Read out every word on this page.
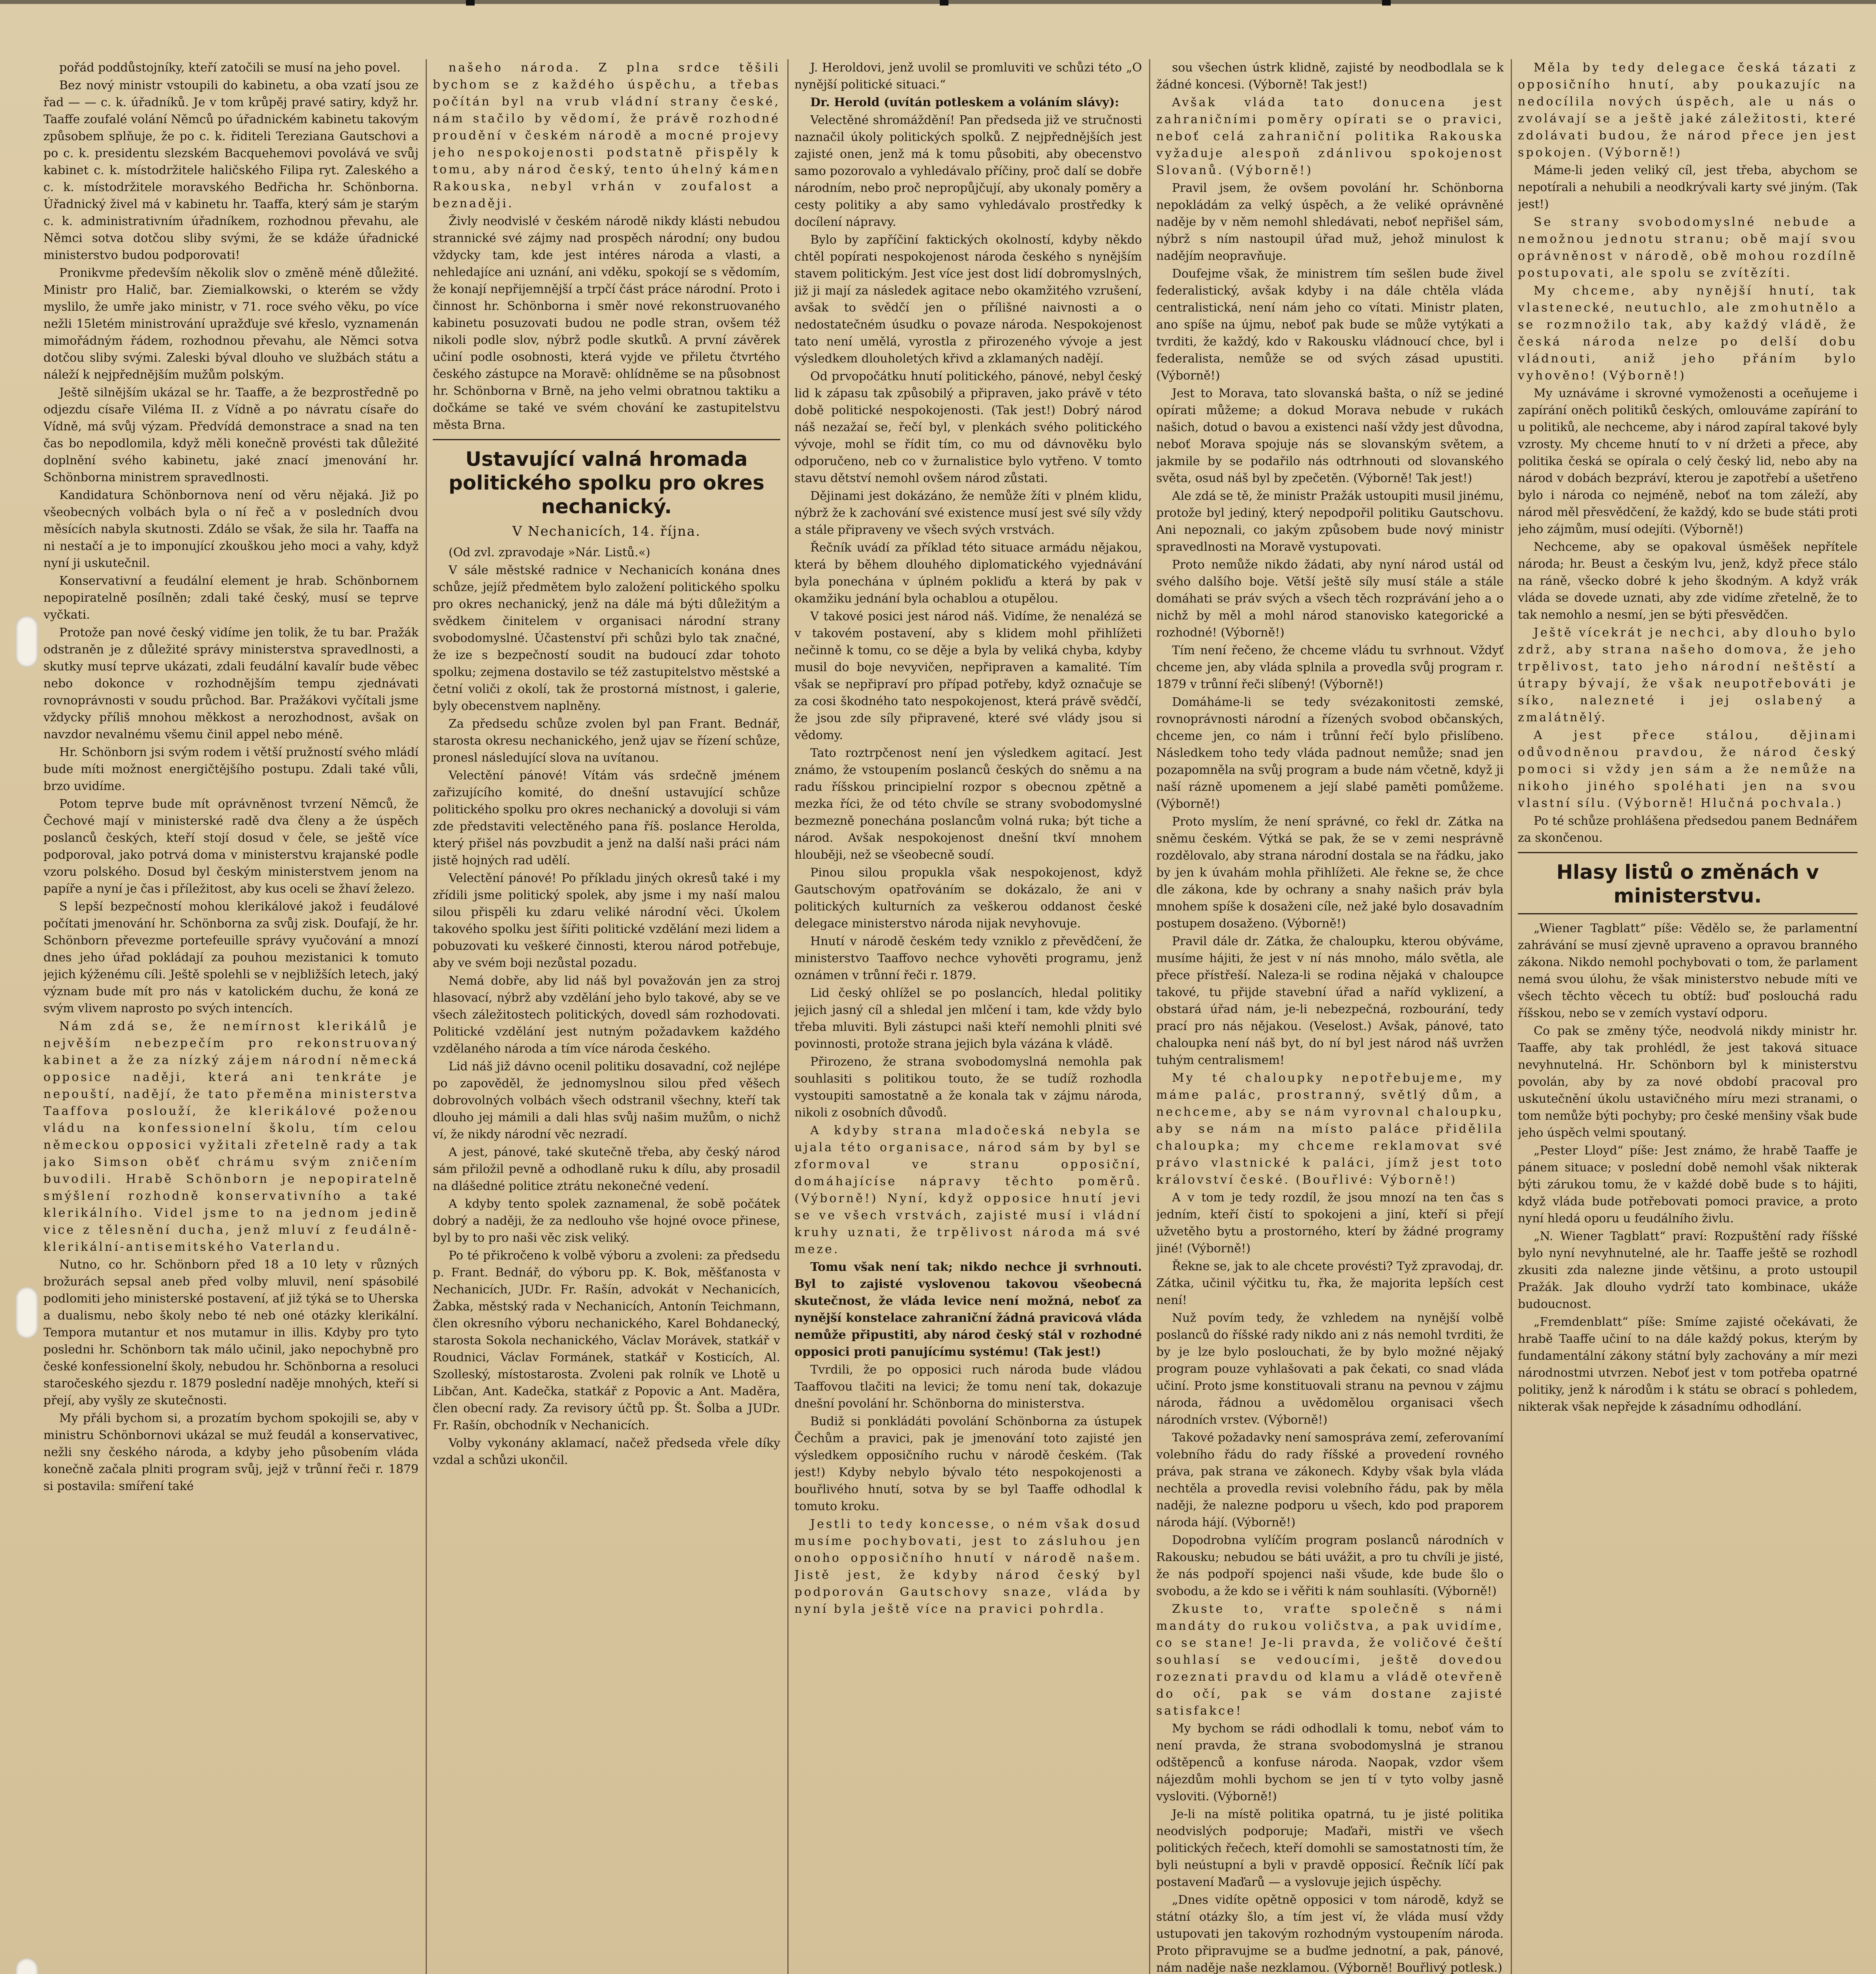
pořád poddůstojníky, kteří zatočili se musí na jeho povel.

Bez nový ministr vstoupili do kabinetu, a oba vzatí jsou ze řad — — c. k. úřadníků. Je v tom krůpěj pravé satiry, když hr. Taaffe zoufalé volání Němců po úřadnickém kabinetu takovým způsobem splňuje, že po c. k. řiditeli Tereziana Gautschovi a po c. k. presidentu slezském Bacquehemovi povolává ve svůj kabinet c. k. místodržitele haličského Filipa ryt. Zaleského a c. k. místodržitele moravského Bedřicha hr. Schönborna. Úřadnický živel má v kabinetu hr. Taaffa, který sám je starým c. k. administrativním úřadníkem, rozhodnou převahu, ale Němci sotva dotčou sliby svými, že se kdáže úřadnické ministerstvo budou podporovati!

Pronikvme především několik slov o změně méně důležité. Ministr pro Halič, bar. Ziemialkowski, o kterém se vždy myslilo, že umře jako ministr, v 71. roce svého věku, po více nežli 15letém ministrování upražďuje své křeslo, vyznamenán mimořádným řádem, rozhodnou převahu, ale Němci sotva dotčou sliby svými. Zaleski býval dlouho ve službách státu a náleží k nejpřednějším mužům polským.

Ještě silnějším ukázal se hr. Taaffe, a že bezprostředně po odjezdu císaře Viléma II. z Vídně a po návratu císaře do Vídně, má svůj výzam. Předvídá demonstrace a snad na ten čas bo nepodlomila, když měli konečně provésti tak důležité doplnění svého kabinetu, jaké znací jmenování hr. Schönborna ministrem spravedlnosti.

Kandidatura Schönbornova není od věru nějaká. Již po všeobecných volbách byla o ní řeč a v posledních dvou měsících nabyla skutnosti. Zdálo se však, že sila hr. Taaffa na ni nestačí a je to imponující zkouškou jeho moci a vahy, když nyní ji uskutečnil.

Konservativní a feudální element je hrab. Schönbornem nepopiratelně posílněn; zdali také český, musí se teprve vyčkati.

Protože pan nové český vidíme jen tolik, že tu bar. Pražák odstraněn je z důležité správy ministerstva spravedlnosti, a skutky musí teprve ukázati, zdali feudální kavalír bude věbec nebo dokonce v rozhodnějším tempu zjednávati rovnoprávnosti v soudu průchod. Bar. Pražákovi vyčítali jsme vždycky příliš mnohou měkkost a nerozhodnost, avšak on navzdor nevalnému všemu činil appel nebo méně.

Hr. Schönborn jsi svým rodem i větší pružností svého mládí bude míti možnost energičtějšího postupu. Zdali také vůli, brzo uvidíme.

Potom teprve bude mít oprávněnost tvrzení Němců, že Čechové mají v ministerské radě dva členy a že úspěch poslanců českých, kteří stojí dosud v čele, se ještě více podporoval, jako potrvá doma v ministerstvu krajanské podle vzoru polského. Dosud byl českým ministerstvem jenom na papíře a nyní je čas i příležitost, aby kus oceli se žhaví železo.

S lepší bezpečností mohou klerikálové jakož i feudálové počítati jmenování hr. Schönborna za svůj zisk. Doufají, že hr. Schönborn převezme portefeuille správy vyučování a mnozí dnes jeho úřad pokládají za pouhou mezistanici k tomuto jejich kýženému cíli. Ještě spolehli se v nejbližších letech, jaký význam bude mít pro nás v katolickém duchu, že koná ze svým vlivem naprosto po svých intencích.

Nám zdá se, že nemírnost klerikálů je nejvěším nebezpečím pro rekonstruovaný kabinet a že za nízký zájem národní německá opposice naději, která ani tenkráte je nepouští, nadějí, že tato přeměna ministerstva Taaffova poslouží, že klerikálové poženou vládu na konfessionelní školu, tím celou německou opposici vyžitali zřetelně rady a tak jako Simson oběť chrámu svým zničením buvodili. Hrabě Schönborn je nepopiratelně smýšlení rozhodně konservativního a také klerikálního. Videl jsme to na jednom jedině vice z tělesnění ducha, jenž mluví z feudálně-klerikální-antisemitského Vaterlandu.

Nutno, co hr. Schönborn před 18 a 10 lety v různých brožurách sepsal aneb před volby mluvil, není spásobilé podlomiti jeho ministerské postavení, ať již týká se to Uherska a dualismu, nebo školy nebo té neb oné otázky klerikální. Tempora mutantur et nos mutamur in illis. Kdyby pro tyto posledni hr. Schönborn tak málo učinil, jako nepochybně pro české konfessionelní školy, nebudou hr. Schönborna a resoluci staročeského sjezdu r. 1879 poslední naděje mnohých, kteří si přejí, aby vyšly ze skutečnosti.

My přáli bychom si, a prozatím bychom spokojili se, aby v ministru Schönbornovi ukázal se muž feudál a konservativec, nežli sny českého národa, a kdyby jeho působením vláda konečně začala plniti program svůj, jejž v trůnní řeči r. 1879 si postavila: smíření také

našeho národa. Z plna srdce těšili bychom se z každého úspěchu, a třebas počítán byl na vrub vládní strany české, nám stačilo by vědomí, že právě rozhodné proudění v českém národě a mocné projevy jeho nespokojenosti podstatně přispěly k tomu, aby národ český, tento úhelný kámen Rakouska, nebyl vrhán v zoufalost a beznaději.

Živly neodvislé v českém národě nikdy klásti nebudou strannické své zájmy nad prospěch národní; ony budou vždycky tam, kde jest intéres národa a vlasti, a nehledajíce ani uznání, ani vděku, spokojí se s vědomím, že konají nepřijemnější a trpčí část práce národní. Proto i činnost hr. Schönborna i směr nové rekonstruovaného kabinetu posuzovati budou ne podle stran, ovšem též nikoli podle slov, nýbrž podle skutků. A první závěrek učiní podle osobnosti, která vyjde ve přiletu čtvrtého českého zástupce na Moravě: ohlídněme se na působnost hr. Schönborna v Brně, na jeho velmi obratnou taktiku a dočkáme se také ve svém chování ke zastupitelstvu města Brna.

Ustavující valná hromada politického spolku pro okres nechanický.
V Nechanicích, 14. října.

(Od zvl. zpravodaje »Nár. Listů.«)

V sále městské radnice v Nechanicích konána dnes schůze, jejíž předmětem bylo založení politického spolku pro okres nechanický, jenž na dále má býti důležitým a svědkem činitelem v organisaci národní strany svobodomyslné. Účastenství při schůzi bylo tak značné, že ize s bezpečností soudit na budoucí zdar tohoto spolku; zejmena dostavilo se též zastupitelstvo městské a četní voliči z okolí, tak že prostorná místnost, i galerie, byly obecenstvem naplněny.

Za předsedu schůze zvolen byl pan Frant. Bednář, starosta okresu nechanického, jenž ujav se řízení schůze, pronesl následující slova na uvítanou.

Velectění pánové! Vítám vás srdečně jménem zařizujícího komité, do dnešní ustavující schůze politického spolku pro okres nechanický a dovoluji si vám zde představiti velectěného pana říš. poslance Heroldа, který přišel nás povzbudit a jenž na další naši práci nám jistě hojných rad udělí.

Velectění pánové! Po příkladu jiných okresů také i my zřídili jsme politický spolek, aby jsme i my naší malou silou přispěli ku zdaru veliké národní věci. Úkolem takového spolku jest šířiti politické vzdělání mezi lidem a pobuzovati ku veškeré činnosti, kterou národ potřebuje, aby ve svém boji nezůstal pozadu.

Nemá dobře, aby lid náš byl považován jen za stroj hlasovací, nýbrž aby vzdělání jeho bylo takové, aby se ve všech záležitostech politických, dovedl sám rozhodovati. Politické vzdělání jest nutným požadavkem každého vzdělaného národa a tím více národa českého.

Lid náš již dávno ocenil politiku dosavadní, což nejlépe po zapověděl, že jednomyslnou silou před věšech dobrovolných volbách všech odstranil všechny, kteří tak dlouho jej mámili a dali hlas svůj našim mužům, o nichž ví, že nikdy národní věc nezradí.

A jest, pánové, také skutečně třeba, aby český národ sám přiložil pevně a odhodlaně ruku k dílu, aby prosadil na dlášedné politice ztrátu nekonečné vedení.

A kdyby tento spolek zaznamenal, že sobě počátek dobrý a naději, že za nedlouho vše hojné ovoce přinese, byl by to pro naši věc zisk veliký.

Po té přikročeno k volbě výboru a zvoleni: za předsedu p. Frant. Bednář, do výboru pp. K. Bok, měšťanosta v Nechanicích, JUDr. Fr. Rašín, advokát v Nechanicích, Žabka, městský rada v Nechanicích, Antonín Teichmann, člen okresního výboru nechanického, Karel Bohdanecký, starosta Sokola nechanického, Václav Morávek, statkář v Roudnici, Václav Formánek, statkář v Kosticích, Al. Szolleský, místostarosta. Zvoleni pak rolník ve Lhotě u Libčan, Ant. Kadečka, statkář z Popovic a Ant. Maděra, člen obecní rady. Za revisory účtů pp. Št. Šolba a JUDr. Fr. Rašín, obchodník v Nechanicích.

Volby vykonány aklamací, načež předseda vřele díky vzdal a schůzi ukončil.

J. Heroldovi, jenž uvolil se promluviti ve schůzi této „O nynější politické situaci.“

Dr. Herold (uvítán potleskem a voláním slávy):

Velectěné shromáždění! Pan předseda již ve stručnosti naznačil úkoly politických spolků. Z nejpřednějších jest zajisté onen, jenž má k tomu působiti, aby obecenstvo samo pozorovalo a vyhledávalo příčiny, proč dalí se dobře národním, nebo proč nepropůjčují, aby ukonaly poměry a cesty politiky a aby samo vyhledávalo prostředky k docílení nápravy.

Bylo by zapříčiní faktických okolností, kdyby někdo chtěl popírati nespokojenost národa českého s nynějším stavem politickým. Jest více jest dost lidí dobromyslných, již ji mají za následek agitace nebo okamžitého vzrušení, avšak to svědčí jen o přílišné naivnosti a o nedostatečném úsudku o povaze národa. Nespokojenost tato není umělá, vyrostla z přirozeného vývoje a jest výsledkem dlouholetých křivd a zklamaných nadějí.

Od prvopočátku hnutí politického, pánové, nebyl český lid k zápasu tak způsobilý a připraven, jako právě v této době politické nespokojenosti. (Tak jest!) Dobrý národ náš nezažaí se, řečí byl, v plenkách svého politického vývoje, mohl se řídit tím, co mu od dávnověku bylo odporučeno, neb co v žurnalistice bylo vytřeno. V tomto stavu dětství nemohl ovšem národ zůstati.

Dějinami jest dokázáno, že nemůže žíti v plném klidu, nýbrž že k zachování své existence musí jest své síly vždy a stále připraveny ve všech svých vrstvách.

Řečník uvádí za příklad této situace armádu nějakou, která by během dlouhého diplomatického vyjednávání byla ponechána v úplném pokliďu a která by pak v okamžiku jednání byla ochablou a otupělou.

V takové posici jest národ náš. Vidíme, že nenalézá se v takovém postavení, aby s klidem mohl přihlížeti nečinně k tomu, co se děje a byla by veliká chyba, kdyby musil do boje nevyvičen, nepřipraven a kamalité. Tím však se nepřipraví pro případ potřeby, když označuje se za cosi škodného tato nespokojenost, která právě svědčí, že jsou zde síly připravené, které své vlády jsou si vědomy.

Tato roztrpčenost není jen výsledkem agitací. Jest známo, že vstoupením poslanců českých do sněmu a na radu říšskou principielní rozpor s obecnou zpětně a mezka říci, že od této chvíle se strany svobodomyslné bezmezně ponechána poslancům volná ruka; být tiche a národ. Avšak nespokojenost dnešní tkví mnohem hlouběji, než se všeobecně soudí.

Pinou silou propukla však nespokojenost, když Gautschovým opatřováním se dokázalo, že ani v politických kulturních za veškerou oddanost české delegace ministerstvo národa nijak nevyhovuje.

Hnutí v národě českém tedy vzniklo z převědčení, že ministerstvo Taaffovo nechce vyhověti programu, jenž oznámen v trůnní řeči r. 1879.

Lid český ohlížel se po poslancích, hledal politiky jejich jasný cíl a shledal jen mlčení i tam, kde vždy bylo třeba mluviti. Byli zástupci naši kteří nemohli plniti své povinnosti, protože strana jejich byla vázána k vládě.

Přirozeno, že strana svobodomyslná nemohla pak souhlasiti s politikou touto, že se tudíž rozhodla vystoupiti samostatně a že konala tak v zájmu národa, nikoli z osobních důvodů.

A kdyby strana mladočeská nebyla se ujala této organisace, národ sám by byl se zformoval ve stranu opposiční, domáhajícíse nápravy těchto poměrů. (Výborně!) Nyní, když opposice hnutí jevi se ve všech vrstvách, zajisté musí i vládní kruhy uznati, že trpělivost národa má své meze.

Tomu však není tak; nikdo nechce ji svrhnouti. Byl to zajisté vyslovenou takovou všeobecná skutečnost, že vláda levice není možná, neboť za nynější konstelace zahraniční žádná pravicová vláda nemůže připustiti, aby národ český stál v rozhodné opposici proti panujícímu systému! (Tak jest!)

Tvrdili, že po opposici ruch národa bude vládou Taaffovou tlačiti na levici; že tomu není tak, dokazuje dnešní povolání hr. Schönborna do ministerstva.

Budiž si ponkládáti povolání Schönborna za ústupek Čechům a pravici, pak je jmenování toto zajisté jen výsledkem opposičního ruchu v národě českém. (Tak jest!) Kdyby nebylo bývalo této nespokojenosti a bouřlivého hnutí, sotva by se byl Taaffe odhodlal k tomuto kroku.

Jestli to tedy koncesse, o ném však dosud musíme pochybovati, jest to zásluhou jen onoho opposičního hnutí v národě našem. Jistě jest, že kdyby národ český byl podporován Gautschovy snaze, vláda by nyní byla ještě více na pravici pohrdla.

sou všechen ústrk klidně, zajisté by neodbodlala se k žádné koncesi. (Výborně! Tak jest!)

Avšak vláda tato donucena jest zahraničními poměry opírati se o pravici, neboť celá zahraniční politika Rakouska vyžaduje alespoň zdánlivou spokojenost Slovanů. (Výborně!)

Pravil jsem, že ovšem povolání hr. Schönborna nepokládám za velký úspěch, a že veliké oprávněné naděje by v něm nemohl shledávati, neboť nepřišel sám, nýbrž s ním nastoupil úřad muž, jehož minulost k nadějím neopravňuje.

Doufejme však, že ministrem tím sešlen bude živel federalistický, avšak kdyby i na dále chtěla vláda centralistická, není nám jeho co vítati. Ministr platen, ano spíše na újmu, neboť pak bude se může vytýkati a tvrditi, že každý, kdo v Rakousku vládnoucí chce, byl i federalista, nemůže se od svých zásad upustiti. (Výborně!)

Jest to Morava, tato slovanská bašta, o níž se jediné opírati můžeme; a dokud Morava nebude v rukách našich, dotud o bavou a existenci naší vždy jest důvodna, neboť Morava spojuje nás se slovanským světem, a jakmile by se podařilo nás odtrhnouti od slovanského světa, osud náš byl by zpečetěn. (Výborně! Tak jest!)

Ale zdá se tě, že ministr Pražák ustoupiti musil jinému, protože byl jediný, který nepodpořil politiku Gautschovu. Ani nepoznali, co jakým způsobem bude nový ministr spravedlnosti na Moravě vystupovati.

Proto nemůže nikdo žádati, aby nyní národ ustál od svého dalšího boje. Větší ještě síly musí stále a stále domáhati se práv svých a všech těch rozprávání jeho a o nichž by měl a mohl národ stanovisko kategorické a rozhodné! (Výborně!)

Tím není řečeno, že chceme vládu tu svrhnout. Vždyť chceme jen, aby vláda splnila a provedla svůj program r. 1879 v trůnní řeči slíbený! (Výborně!)

Domáháme-li se tedy svézakonitosti zemské, rovnoprávnosti národní a řízených svobod občanských, chceme jen, co nám i trůnní řečí bylo přislíbeno. Následkem toho tedy vláda padnout nemůže; snad jen pozapomněla na svůj program a bude nám včetně, když ji naší rázně upomenem a její slabé paměti pomůžeme. (Výborně!)

Proto myslím, že není správné, co řekl dr. Zátka na sněmu českém. Výtká se pak, že se v zemi nesprávně rozdělovalo, aby strana národní dostala se na řádku, jako by jen k úvahám mohla přihlížeti. Ale řekne se, že chce dle zákona, kde by ochrany a snahy našich práv byla mnohem spíše k dosaženi cíle, než jaké bylo dosavadním postupem dosaženo. (Výborně!)

Pravil dále dr. Zátka, že chaloupku, kterou obýváme, musíme hájiti, že jest v ní nás mnoho, málo světla, ale přece přístřeší. Naleza-li se rodina nějaká v chaloupce takové, tu přijde stavební úřad a naříd vyklizení, a obstará úřad nám, je-li nebezpečná, rozbourání, tedy prací pro nás nějakou. (Veselost.) Avšak, pánové, tato chaloupka není náš byt, do ní byl jest národ náš uvržen tuhým centralismem!

My té chaloupky nepotřebujeme, my máme palác, prostranný, světlý dům, a nechceme, aby se nám vyrovnal chaloupku, aby se nám na místo paláce přidělila chaloupka; my chceme reklamovat své právo vlastnické k paláci, jímž jest toto království české. (Bouřlivé: Výborně!)

A v tom je tedy rozdíl, že jsou mnozí na ten čas s jedním, kteří čistí to spokojeni a jiní, kteří si přejí užvetěho bytu a prostorného, kterí by žádné programy jiné! (Výborně!)

Řekne se, jak to ale chcete provésti? Tyž zpravodaj, dr. Zátka, učinil výčitku tu, řka, že majorita lepších cest není!

Nuž povím tedy, že vzhledem na nynější volbě poslanců do říšské rady nikdo ani z nás nemohl tvrditi, že by je lze bylo poslouchati, že by bylo možné nějaký program pouze vyhlašovati a pak čekati, co snad vláda učiní. Proto jsme konstituovali stranu na pevnou v zájmu národa, řádnou a uvědomělou organisaci všech národních vrstev. (Výborně!)

Takové požadavky není samospráva zemí, zeferovanímí volebního řádu do rady říšské a provedení rovného práva, pak strana ve zákonech. Kdyby však byla vláda nechtěla a provedla revisi volebního řádu, pak by měla naději, že nalezne podporu u všech, kdo pod praporem národa hájí. (Výborně!)

Dopodrobna vylíčím program poslanců národních v Rakousku; nebudou se báti uvážit, a pro tu chvíli je jisté, že nás podpoří spojenci naši všude, kde bude šlo o svobodu, a že kdo se i věřiti k nám souhlasíti. (Výborně!)

Zkuste to, vraťte společně s námi mandáty do rukou voličstva, a pak uvidíme, co se stane! Je-li pravda, že voličové čeští souhlasí se vedoucími, ještě dovedou rozeznati pravdu od klamu a vládě otevřeně do očí, pak se vám dostane zajisté satisfakce!

My bychom se rádi odhodlali k tomu, neboť vám to není pravda, že strana svobodomyslná je stranou odštěpenců a konfuse národa. Naopak, vzdor všem nájezdům mohli bychom se jen tí v tyto volby jasně vysloviti. (Výborně!)

Je-li na místě politika opatrná, tu je jisté politika neodvislých podporuje; Maďaři, mistři ve všech politických řečech, kteří domohli se samostatnosti tím, že byli neústupní a byli v pravdě opposicí. Řečník líčí pak postavení Maďarů — a vyslovuje jejich úspěchy.

„Dnes vidíte opětně opposici v tom národě, když se státní otázky šlo, a tím jest ví, že vláda musí vždy ustupovati jen takovým rozhodným vystoupením národa. Proto připravujme se a buďme jednotní, a pak, pánové, nám naděje naše nezklamou. (Výborně! Bouřlivý potlesk.)

Měla by tedy delegace česká tázati z opposičního hnutí, aby poukazujíc na nedocílila nových úspěch, ale u nás o zvolávají se a ještě jaké záležitosti, které zdolávati budou, že národ přece jen jest spokojen. (Výborně!)

Máme-li jeden veliký cíl, jest třeba, abychom se nepotírali a nehubili a neodkrývali karty své jiným. (Tak jest!)

Se strany svobodomyslné nebude a nemožnou jednotu stranu; obě mají svou oprávněnost v národě, obě mohou rozdílně postupovati, ale spolu se zvítězíti.

My chceme, aby nynější hnutí, tak vlastenecké, neutuchlo, ale zmohutnělo a se rozmnožilo tak, aby každý vládě, že česká národa nelze po delší dobu vládnouti, aniž jeho přáním bylo vyhověno! (Výborně!)

My uznáváme i skrovné vymoženosti a oceňujeme i zapírání oněch politiků českých, omlouváme zapírání to u politiků, ale nechceme, aby i národ zapíral takové byly vzrosty. My chceme hnutí to v ní držeti a přece, aby politika česká se opírala o celý český lid, nebo aby na národ v dobách bezpráví, kterou je zapotřebí a ušetřeno bylo i národa co nejméně, neboť na tom záleží, aby národ měl přesvědčení, že každý, kdo se bude státi proti jeho zájmům, musí odejíti. (Výborně!)

Nechceme, aby se opakoval úsměšek nepřítele národa; hr. Beust a českým lvu, jenž, když přece stálo na ráně, všecko dobré k jeho škodným. A když vrák vláda se dovede uznati, aby zde vidíme zřetelně, že to tak nemohlo a nesmí, jen se býti přesvědčen.

Ještě vícekrát je nechci, aby dlouho bylo zdrž, aby strana našeho domova, že jeho trpělivost, tato jeho národní neštěstí a útrapy bývají, že však neupotřebováti je síko, nalezneté i jej oslabený a zmalátnělý.

A jest přece stálou, dějinami odůvodněnou pravdou, že národ český pomoci si vždy jen sám a že nemůže na nikoho jiného spoléhati jen na svou vlastní sílu. (Výborně! Hlučná pochvala.)

Po té schůze prohlášena předsedou panem Bednářem za skončenou.

Hlasy listů o změnách v ministerstvu.

„Wiener Tagblatt“ píše: Vědělo se, že parlamentní zahrávání se musí zjevně upraveno a opravou branného zákona. Nikdo nemohl pochybovati o tom, že parlament nemá svou úlohu, že však ministerstvo nebude míti ve všech těchto věcech tu obtíž: buď poslouchá radu říšskou, nebo se v zemích vystaví odporu.

Co pak se změny týče, neodvolá nikdy ministr hr. Taaffe, aby tak prohlédl, že jest taková situace nevyhnutelná. Hr. Schönborn byl k ministerstvu povolán, aby by za nové období pracoval pro uskutečnění úkolu ustavičného míru mezi stranami, o tom nemůže býti pochyby; pro české menšiny však bude jeho úspěch velmi spoutaný.

„Pester Lloyd“ píše: Jest známo, že hrabě Taaffe je pánem situace; v poslední době nemohl však nikterak býti zárukou tomu, že v každé době bude s to hájiti, když vláda bude potřebovati pomoci pravice, a proto nyní hledá oporu u feudálního živlu.

„N. Wiener Tagblatt“ praví: Rozpuštění rady říšské bylo nyní nevyhnutelné, ale hr. Taaffe ještě se rozhodl zkusiti zda nalezne jinde většinu, a proto ustoupil Pražák. Jak dlouho vydrží tato kombinace, ukáže budoucnost.

„Fremdenblatt“ píše: Smíme zajisté očekávati, že hrabě Taaffe učiní to na dále každý pokus, kterým by fundamentální zákony státní byly zachovány a mír mezi národnostmi utvrzen. Neboť jest v tom potřeba opatrné politiky, jenž k národům i k státu se obrací s pohledem, nikterak však nepřejde k zásadnímu odhodlání.
